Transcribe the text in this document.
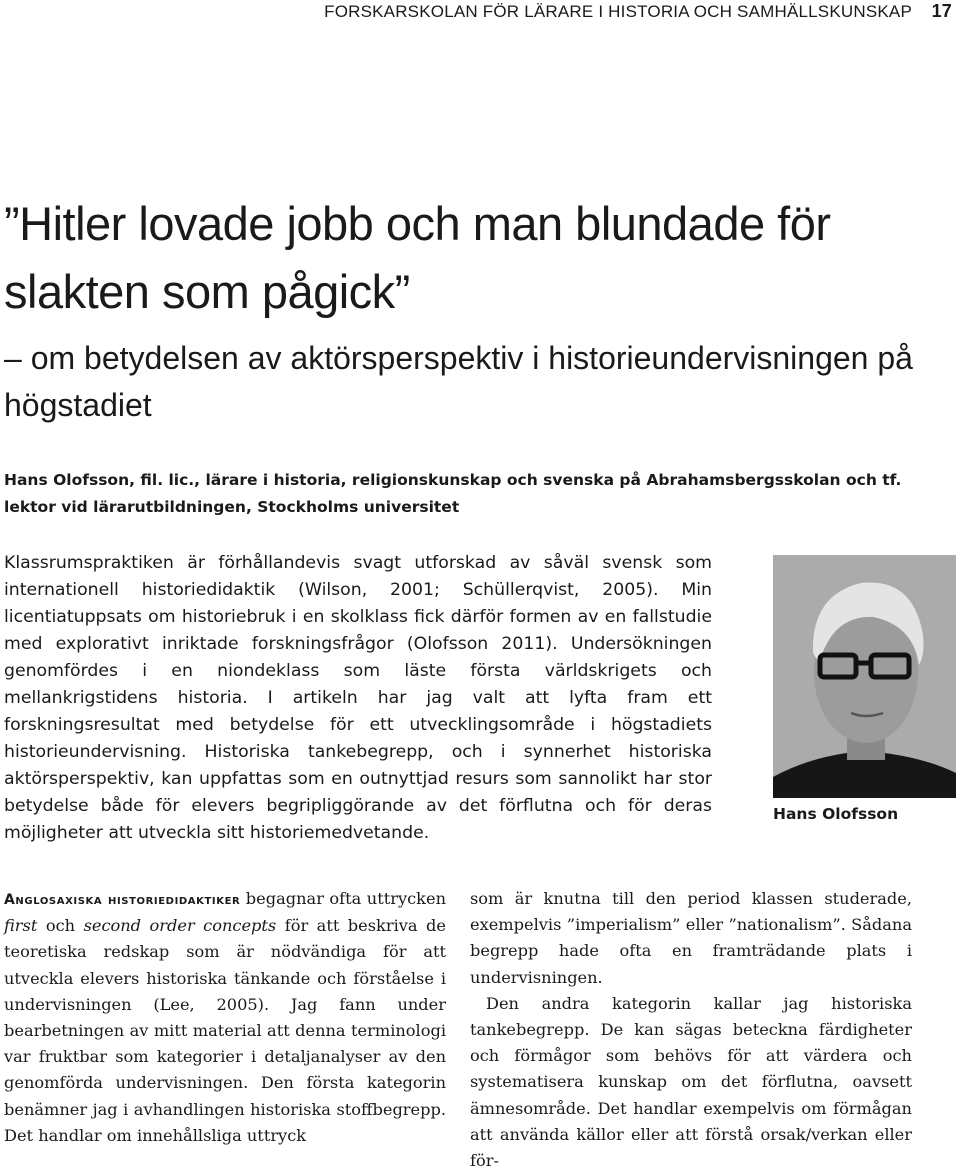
FORSKARSKOLAN FÖR LÄRARE I HISTORIA OCH SAMHÄLLSKUNSKAP 17
”Hitler lovade jobb och man blundade för slakten som pågick”
– om betydelsen av aktörsperspektiv i historieundervisningen på högstadiet

Hans Olofsson, fil. lic., lärare i historia, religionskunskap och svenska på Abrahamsbergsskolan och tf. lektor vid lärarutbildningen, Stockholms universitet

Klassrumspraktiken är förhållandevis svagt utforskad av såväl svensk som internationell historiedidaktik (Wilson, 2001; Schüllerqvist, 2005). Min licentiatuppsats om historiebruk i en skolklass fick därför formen av en fallstudie med explorativt inriktade forskningsfrågor (Olofsson 2011). Undersökningen genomfördes i en niondeklass som läste första världskrigets och mellankrigstidens historia. I artikeln har jag valt att lyfta fram ett forskningsresultat med betydelse för ett utvecklingsområde i högstadiets historieundervisning. Historiska tankebegrepp, och i synnerhet historiska aktörsperspektiv, kan uppfattas som en outnyttjad resurs som sannolikt har stor betydelse både för elevers begripliggörande av det förflutna och för deras möjligheter att utveckla sitt historiemedvetande.

Hans Olofsson

Anglosaxiska historiedidaktiker begagnar ofta uttrycken first och second order concepts för att beskriva de teoretiska redskap som är nödvändiga för att utveckla elevers historiska tänkande och förståelse i undervisningen (Lee, 2005). Jag fann under bearbetningen av mitt material att denna terminologi var fruktbar som kategorier i detaljanalyser av den genomförda undervisningen. Den första kategorin benämner jag i avhandlingen historiska stoffbegrepp. Det handlar om innehållsliga uttryck

som är knutna till den period klassen studerade, exempelvis ”imperialism” eller ”nationalism”. Sådana begrepp hade ofta en framträdande plats i undervisningen.

Den andra kategorin kallar jag historiska tankebegrepp. De kan sägas beteckna färdigheter och förmågor som behövs för att värdera och systematisera kunskap om det förflutna, oavsett ämnesområde. Det handlar exempelvis om förmågan att använda källor eller att förstå orsak/verkan eller för-
